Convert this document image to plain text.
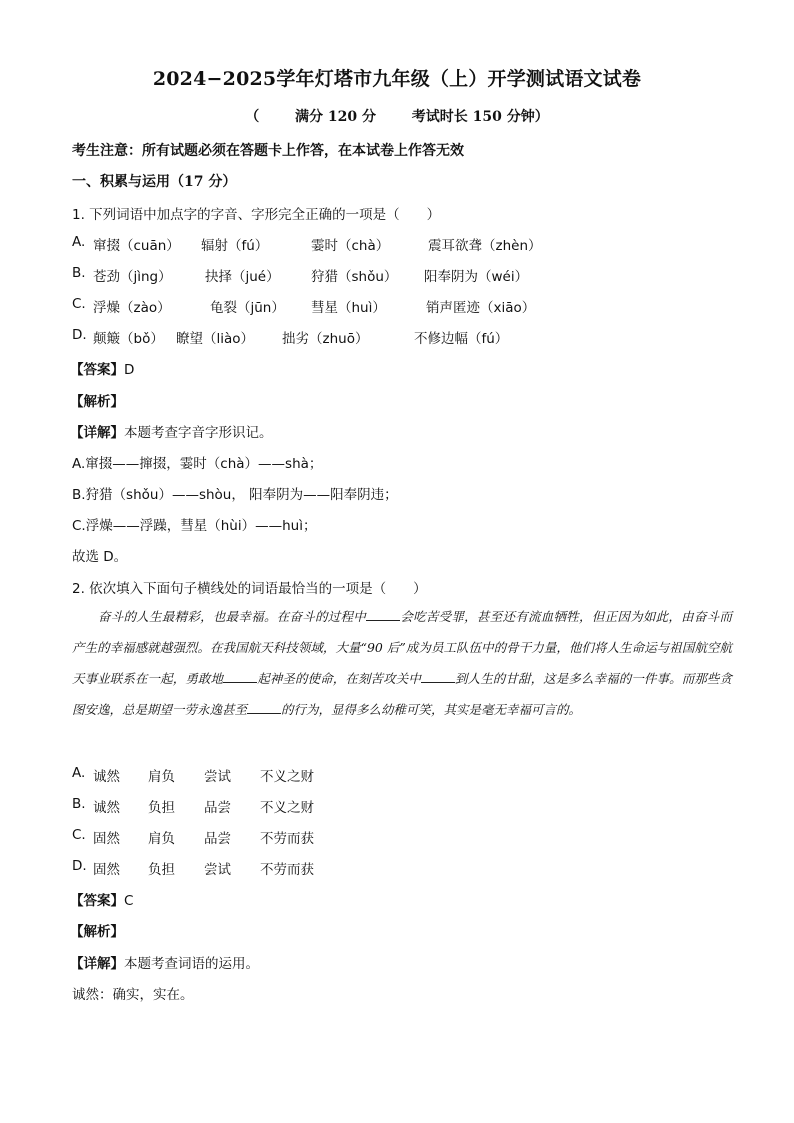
2024−2025学年灯塔市九年级（上）开学测试语文试卷
（	满分 120 分	考试时长 150 分钟）
考生注意：所有试题必须在答题卡上作答，在本试卷上作答无效
一、积累与运用（17 分）
1. 下列词语中加点字的字音、字形完全正确的一项是（　　）
A. 窜掇（cuān） 辐射（fú）	霎时（chà）	震耳欲聋（zhèn）
B. 苍劲（jìng） 抉择（jué） 狩猎（shǒu） 阳奉阴为（wéi）
C. 浮燥（zào）	龟裂（jūn） 彗星（huì）	销声匿迹（xiāo）
D. 颠簸（bǒ） 瞭望（liào） 拙劣（zhuō）	不修边幅（fú）
【答案】D
【解析】
【详解】本题考查字音字形识记。
A.窜掇——撺掇，霎时（chà）——shà；
B.狩猎（shǒu）——shòu， 阳奉阴为——阳奉阴违；
C.浮燥——浮躁，彗星（hùi）——huì；
故选 D。
2. 依次填入下面句子横线处的词语最恰当的一项是（　　）
奋斗的人生最精彩，也最幸福。在奋斗的过程中	会吃苦受罪，甚至还有流血牺牲，但正因为如此，由奋斗而产生的幸福感就越强烈。在我国航天科技领域，大量“90 后”成为员工队伍中的骨干力量，他们将人生命运与祖国航空航天事业联系在一起，勇敢地	起神圣的使命，在刻苦攻关中	到人生的甘甜，这是多么幸福的一件事。而那些贪图安逸，总是期望一劳永逸甚至	的行为，显得多么幼稚可笑，其实是毫无幸福可言的。
A. 诚然 肩负 尝试 不义之财
B. 诚然 负担 品尝 不义之财
C. 固然 肩负 品尝 不劳而获
D. 固然 负担 尝试 不劳而获
【答案】C
【解析】
【详解】本题考查词语的运用。
诚然：确实，实在。
